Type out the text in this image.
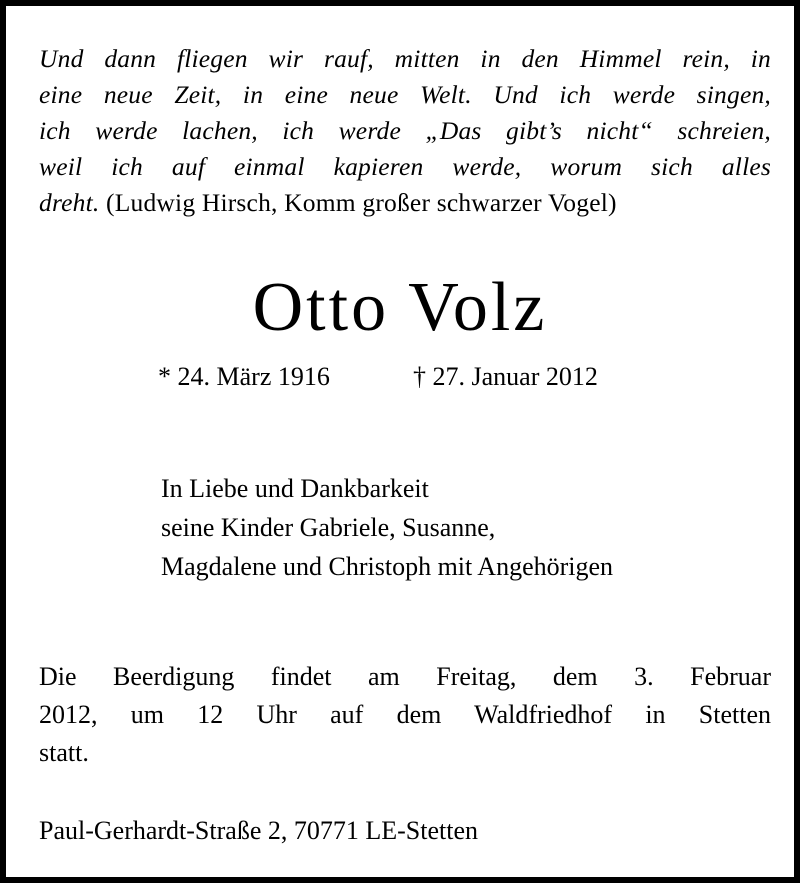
Und dann fliegen wir rauf, mitten in den Himmel rein, in
eine neue Zeit, in eine neue Welt. Und ich werde singen,
ich werde lachen, ich werde „Das gibt’s nicht“ schreien,
weil ich auf einmal kapieren werde, worum sich alles
dreht. (Ludwig Hirsch, Komm großer schwarzer Vogel)
Otto Volz
* 24. März 1916	† 27. Januar 2012
In Liebe und Dankbarkeit
seine Kinder Gabriele, Susanne,
Magdalene und Christoph mit Angehörigen
Die Beerdigung findet am Freitag, dem 3. Februar
2012, um 12 Uhr auf dem Waldfriedhof in Stetten
statt.
Paul-Gerhardt-Straße 2, 70771 LE-Stetten
